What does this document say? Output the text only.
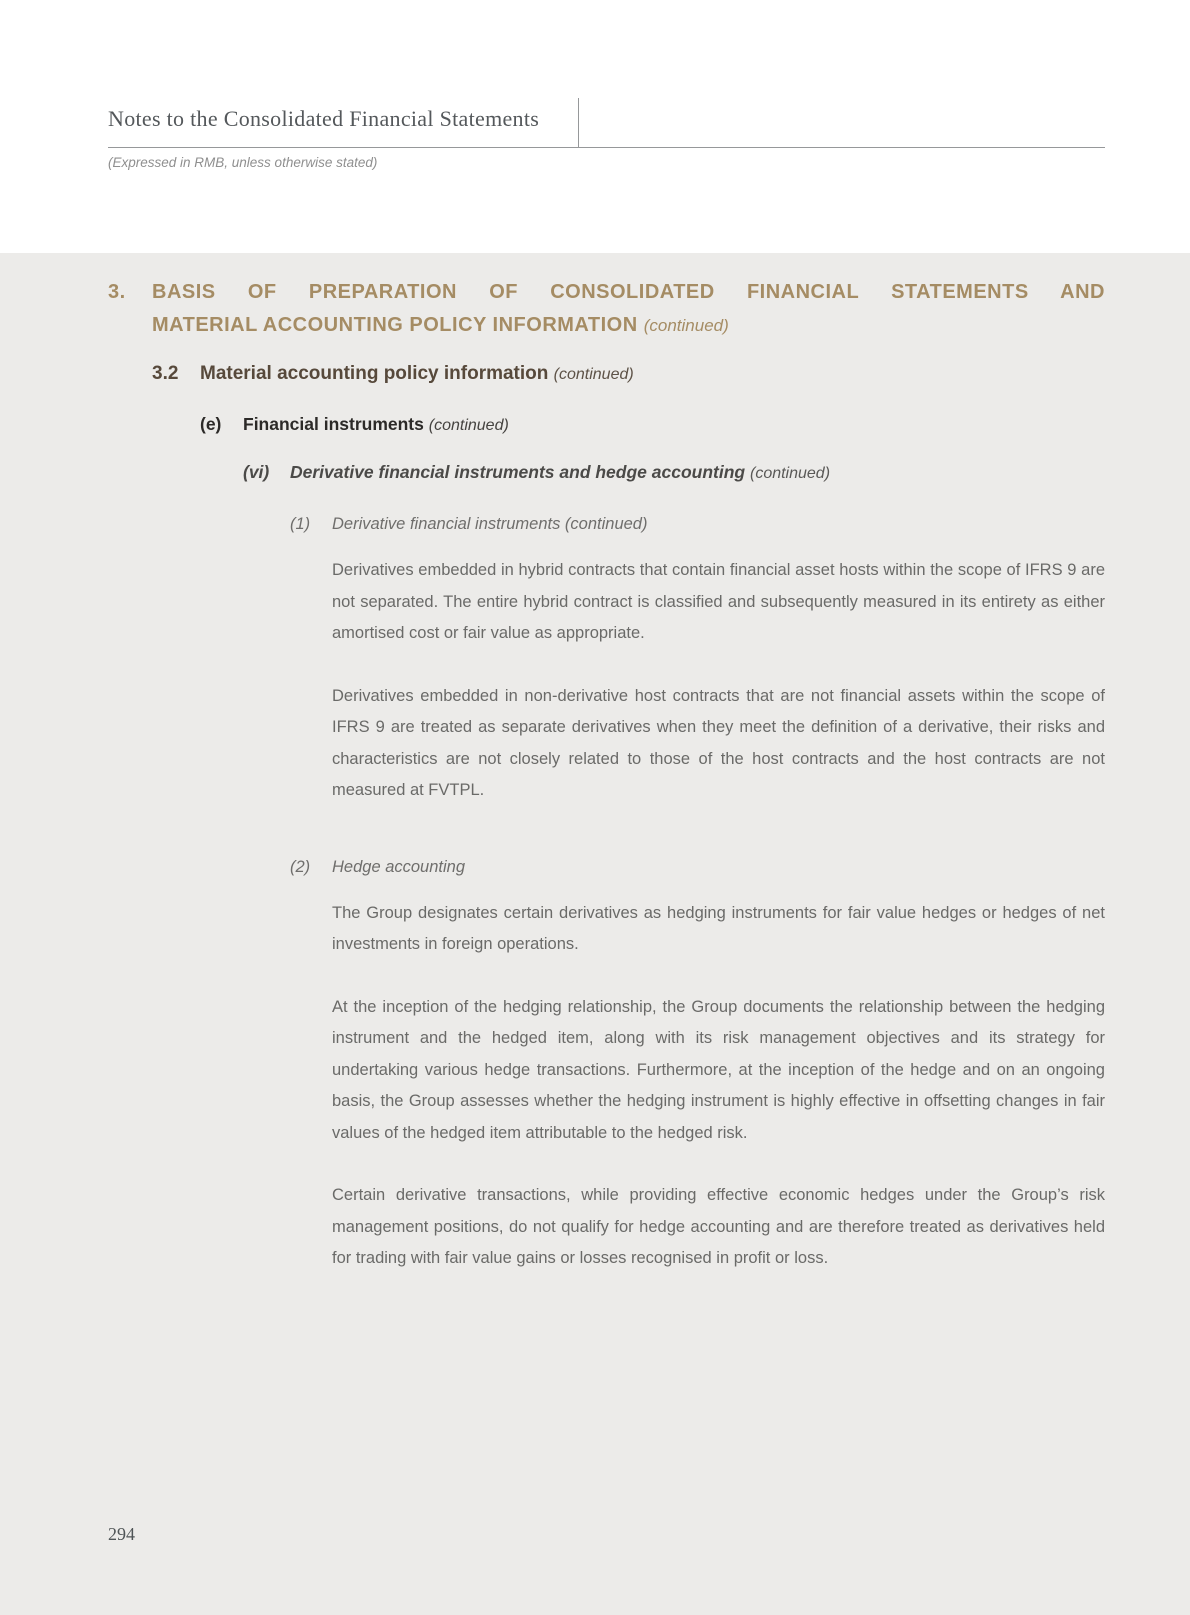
Notes to the Consolidated Financial Statements
(Expressed in RMB, unless otherwise stated)
3.	BASIS OF PREPARATION OF CONSOLIDATED FINANCIAL STATEMENTS AND
MATERIAL ACCOUNTING POLICY INFORMATION (continued)
3.2	Material accounting policy information (continued)
(e)	Financial instruments (continued)
(vi)	Derivative financial instruments and hedge accounting (continued)
(1)	Derivative financial instruments (continued)

Derivatives embedded in hybrid contracts that contain financial asset hosts within the scope of IFRS 9 are not separated. The entire hybrid contract is classified and subsequently measured in its entirety as either amortised cost or fair value as appropriate.

Derivatives embedded in non-derivative host contracts that are not financial assets within the scope of IFRS 9 are treated as separate derivatives when they meet the definition of a derivative, their risks and characteristics are not closely related to those of the host contracts and the host contracts are not measured at FVTPL.

(2)	Hedge accounting

The Group designates certain derivatives as hedging instruments for fair value hedges or hedges of net investments in foreign operations.

At the inception of the hedging relationship, the Group documents the relationship between the hedging instrument and the hedged item, along with its risk management objectives and its strategy for undertaking various hedge transactions. Furthermore, at the inception of the hedge and on an ongoing basis, the Group assesses whether the hedging instrument is highly effective in offsetting changes in fair values of the hedged item attributable to the hedged risk.

Certain derivative transactions, while providing effective economic hedges under the Group’s risk management positions, do not qualify for hedge accounting and are therefore treated as derivatives held for trading with fair value gains or losses recognised in profit or loss.

294
